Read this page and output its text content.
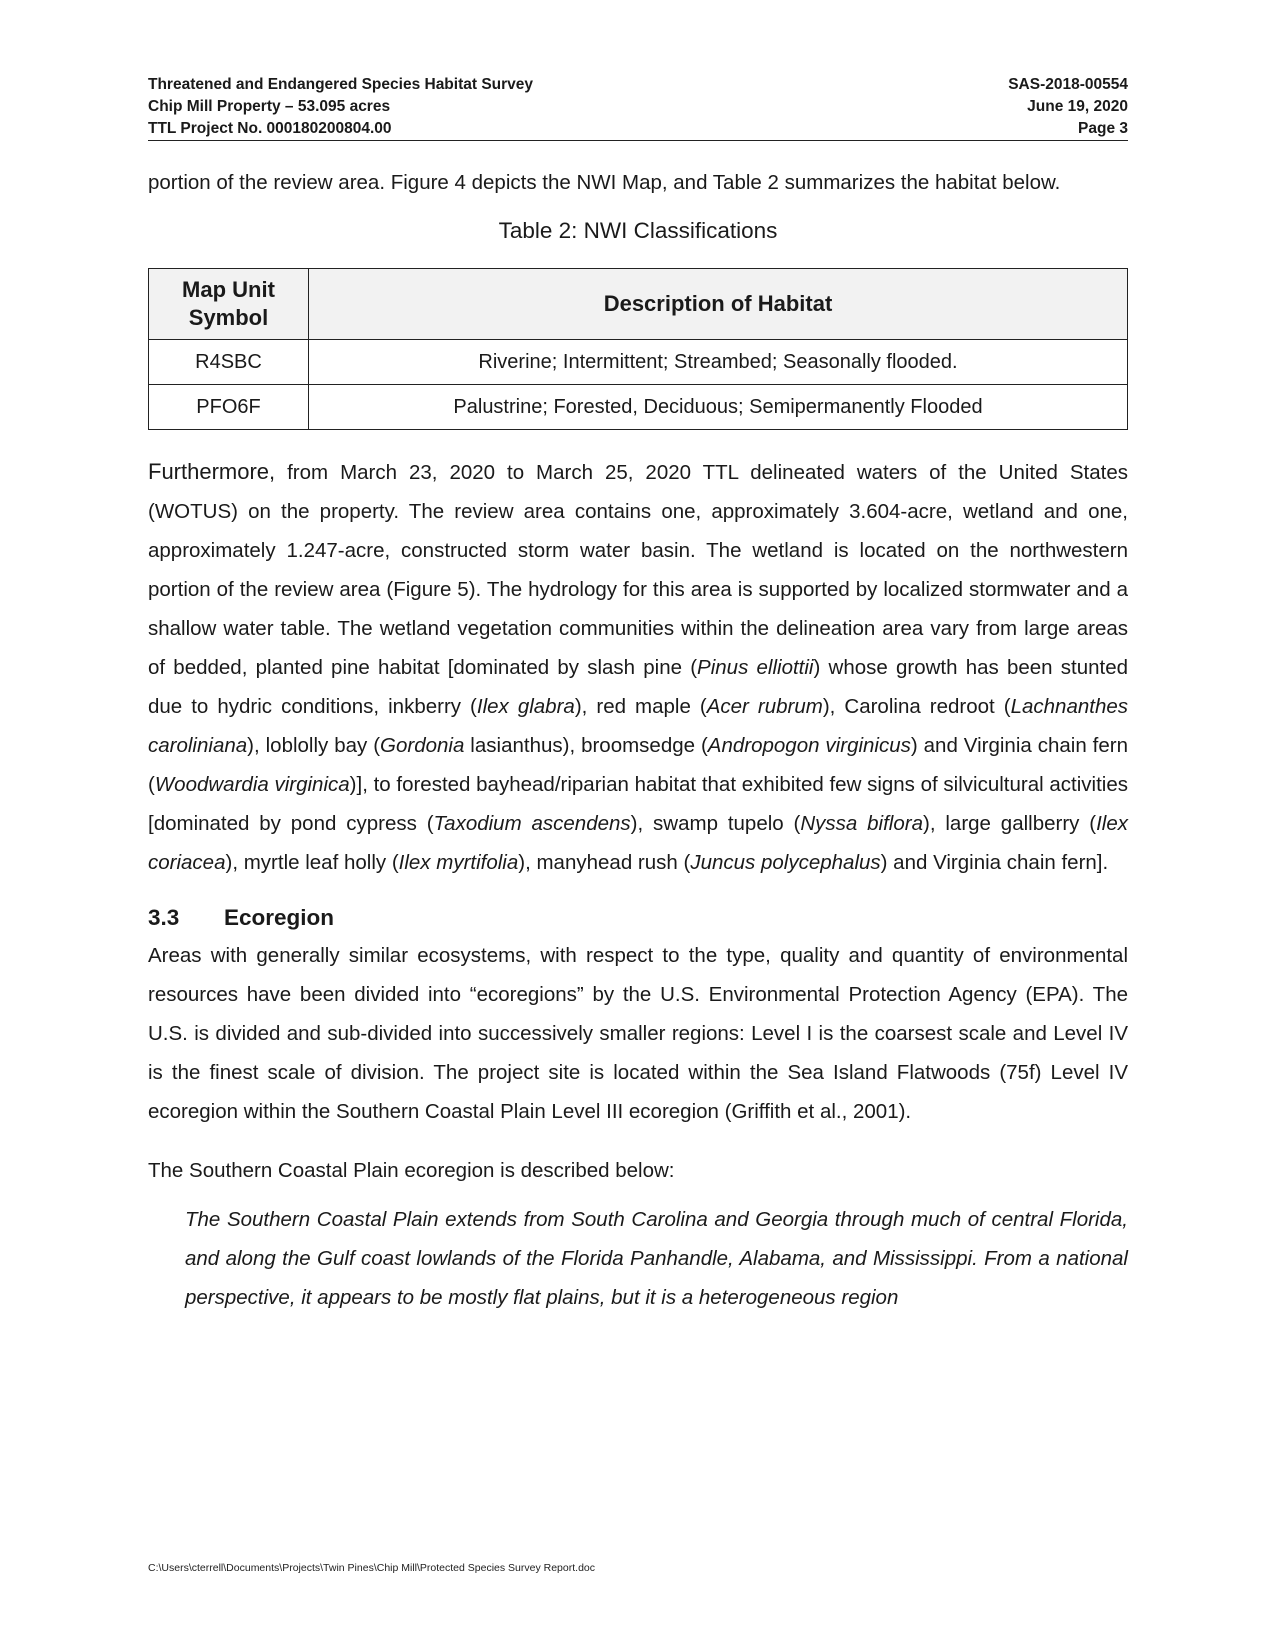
Threatened and Endangered Species Habitat Survey
Chip Mill Property – 53.095 acres
TTL Project No. 000180200804.00
SAS-2018-00554
June 19, 2020
Page 3

portion of the review area. Figure 4 depicts the NWI Map, and Table 2 summarizes the habitat below.

Table 2: NWI Classifications
Map Unit Symbol	Description of Habitat
R4SBC	Riverine; Intermittent; Streambed; Seasonally flooded.
PFO6F	Palustrine; Forested, Deciduous; Semipermanently Flooded

Furthermore, from March 23, 2020 to March 25, 2020 TTL delineated waters of the United States (WOTUS) on the property. The review area contains one, approximately 3.604-acre, wetland and one, approximately 1.247-acre, constructed storm water basin. The wetland is located on the northwestern portion of the review area (Figure 5). The hydrology for this area is supported by localized stormwater and a shallow water table. The wetland vegetation communities within the delineation area vary from large areas of bedded, planted pine habitat [dominated by slash pine (Pinus elliottii) whose growth has been stunted due to hydric conditions, inkberry (Ilex glabra), red maple (Acer rubrum), Carolina redroot (Lachnanthes caroliniana), loblolly bay (Gordonia lasianthus), broomsedge (Andropogon virginicus) and Virginia chain fern (Woodwardia virginica)], to forested bayhead/riparian habitat that exhibited few signs of silvicultural activities [dominated by pond cypress (Taxodium ascendens), swamp tupelo (Nyssa biflora), large gallberry (Ilex coriacea), myrtle leaf holly (Ilex myrtifolia), manyhead rush (Juncus polycephalus) and Virginia chain fern].

3.3 Ecoregion

Areas with generally similar ecosystems, with respect to the type, quality and quantity of environmental resources have been divided into “ecoregions” by the U.S. Environmental Protection Agency (EPA). The U.S. is divided and sub-divided into successively smaller regions: Level I is the coarsest scale and Level IV is the finest scale of division. The project site is located within the Sea Island Flatwoods (75f) Level IV ecoregion within the Southern Coastal Plain Level III ecoregion (Griffith et al., 2001).

The Southern Coastal Plain ecoregion is described below:

The Southern Coastal Plain extends from South Carolina and Georgia through much of central Florida, and along the Gulf coast lowlands of the Florida Panhandle, Alabama, and Mississippi. From a national perspective, it appears to be mostly flat plains, but it is a heterogeneous region

C:\Users\cterrell\Documents\Projects\Twin Pines\Chip Mill\Protected Species Survey Report.doc
